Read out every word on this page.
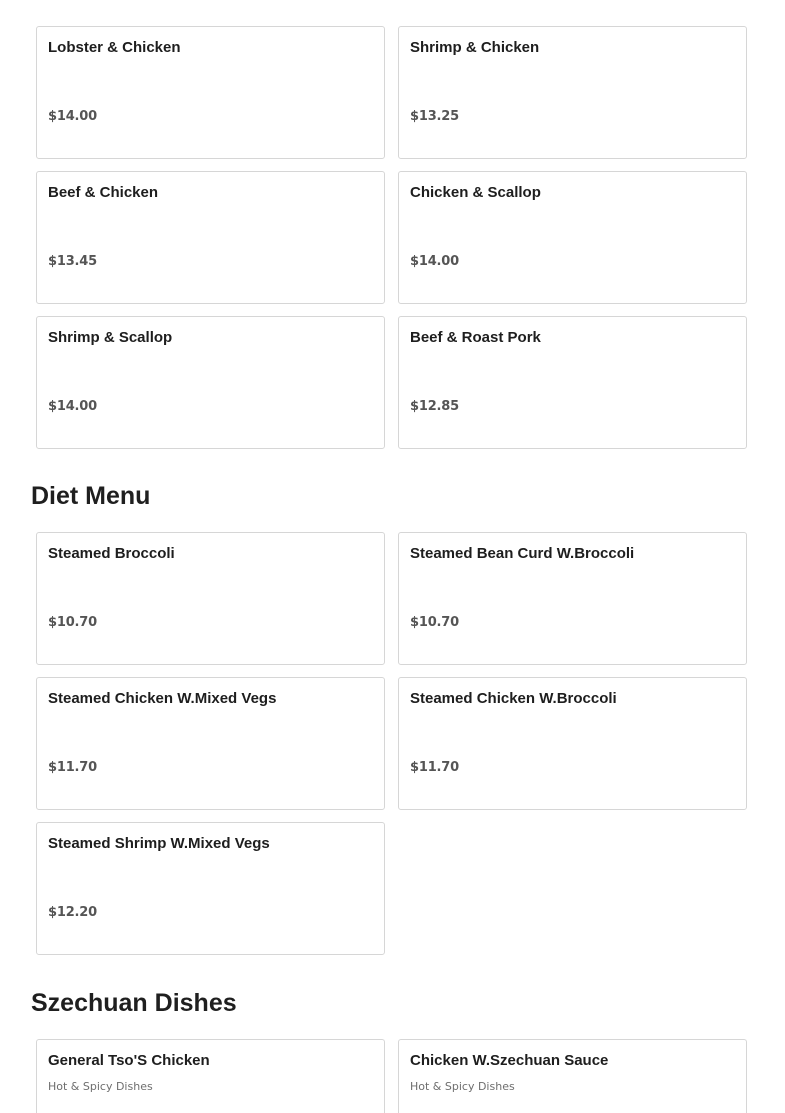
Lobster & Chicken
$14.00
Shrimp & Chicken
$13.25
Beef & Chicken
$13.45
Chicken & Scallop
$14.00
Shrimp & Scallop
$14.00
Beef & Roast Pork
$12.85
Diet Menu
Steamed Broccoli
$10.70
Steamed Bean Curd W.Broccoli
$10.70
Steamed Chicken W.Mixed Vegs
$11.70
Steamed Chicken W.Broccoli
$11.70
Steamed Shrimp W.Mixed Vegs
$12.20
Szechuan Dishes
General Tso'S Chicken
Hot & Spicy Dishes
Chicken W.Szechuan Sauce
Hot & Spicy Dishes
